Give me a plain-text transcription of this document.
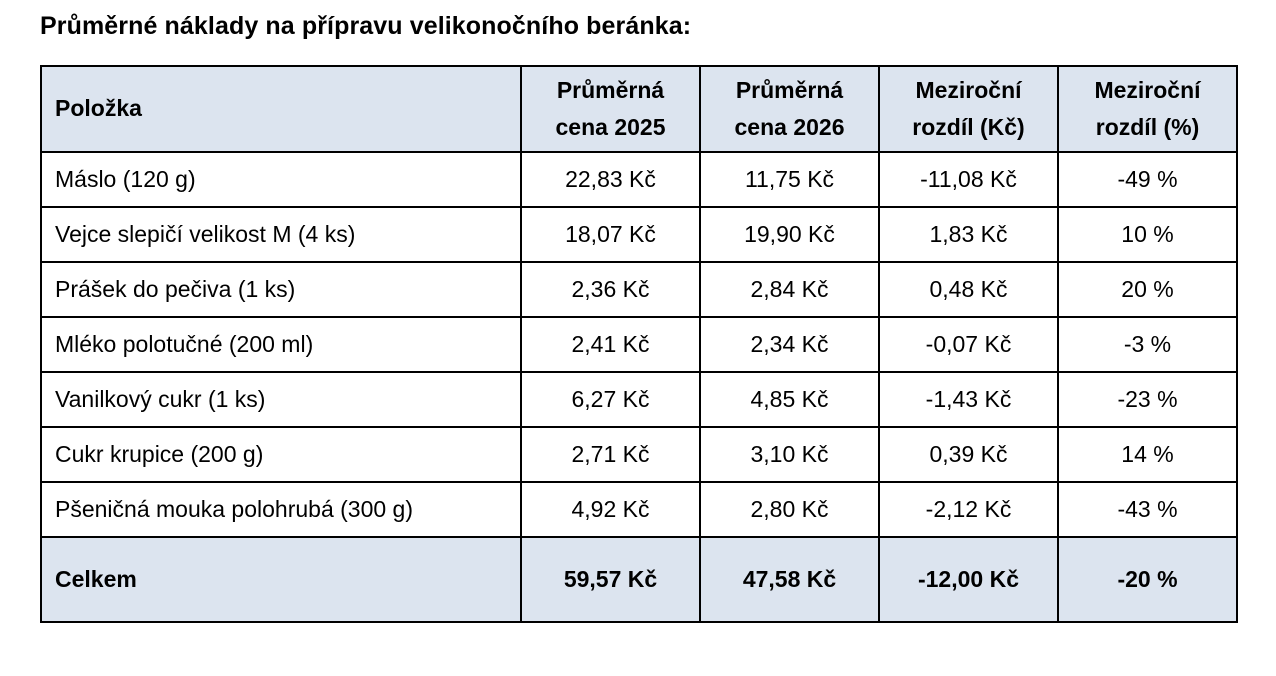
Průměrné náklady na přípravu velikonočního beránka:
Položka	Průměrná cena 2025	Průměrná cena 2026	Meziroční rozdíl (Kč)	Meziroční rozdíl (%)
Máslo (120 g)	22,83 Kč	11,75 Kč	-11,08 Kč	-49 %
Vejce slepičí velikost M (4 ks)	18,07 Kč	19,90 Kč	1,83 Kč	10 %
Prášek do pečiva (1 ks)	2,36 Kč	2,84 Kč	0,48 Kč	20 %
Mléko polotučné (200 ml)	2,41 Kč	2,34 Kč	-0,07 Kč	-3 %
Vanilkový cukr (1 ks)	6,27 Kč	4,85 Kč	-1,43 Kč	-23 %
Cukr krupice (200 g)	2,71 Kč	3,10 Kč	0,39 Kč	14 %
Pšeničná mouka polohrubá (300 g)	4,92 Kč	2,80 Kč	-2,12 Kč	-43 %
Celkem	59,57 Kč	47,58 Kč	-12,00 Kč	-20 %
